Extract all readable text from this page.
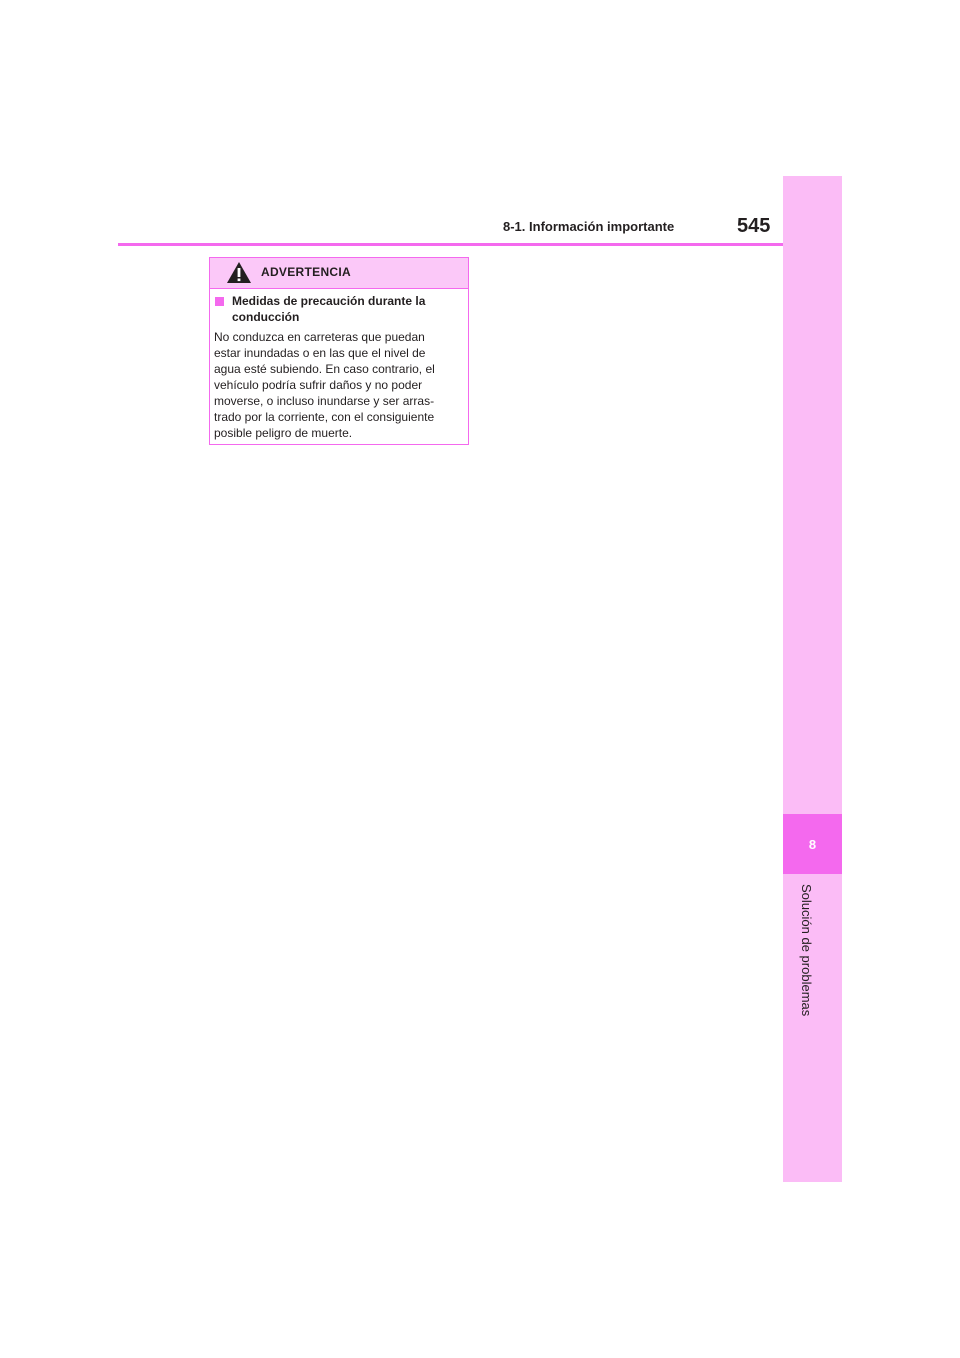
8
Solución de problemas
8-1. Información importante	545
ADVERTENCIA
Medidas de precaución durante la
conducción
No conduzca en carreteras que puedan
estar inundadas o en las que el nivel de
agua esté subiendo. En caso contrario, el
vehículo podría sufrir daños y no poder
moverse, o incluso inundarse y ser arras-
trado por la corriente, con el consiguiente
posible peligro de muerte.
